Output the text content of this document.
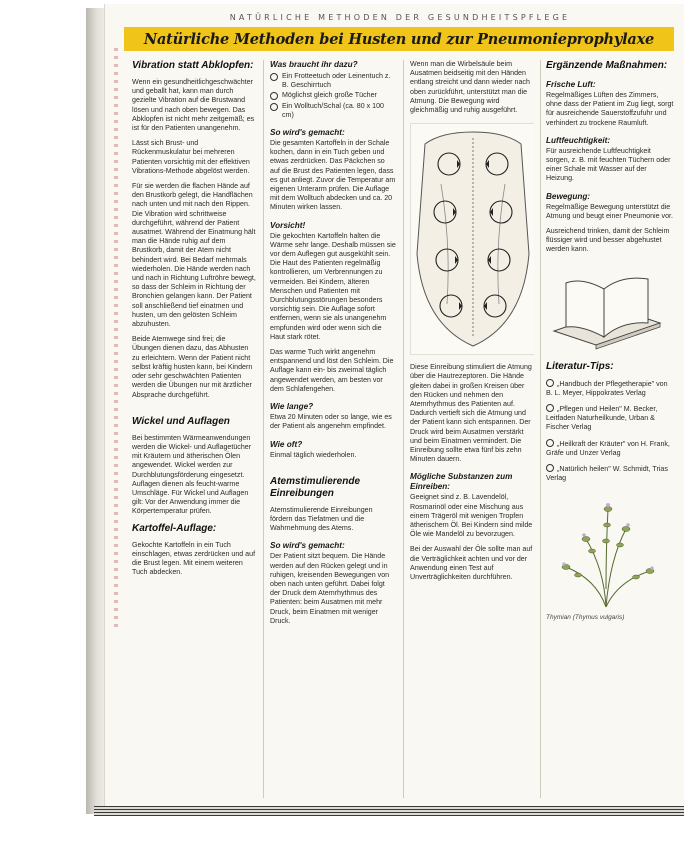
NATÜRLICHE METHODEN DER GESUNDHEITSPFLEGE
Natürliche Methoden bei Husten und zur Pneumonieprophylaxe
Vibration statt Abklopfen:

Wenn ein gesundheitlichgeschwächter und geballt hat, kann man durch gezielte Vibration auf die Brustwand lösen und nach oben bewegen. Das Abklopfen ist nicht mehr zeitgemäß; es ist für den Patienten unangenehm.

Lässt sich Brust- und Rückenmuskulatur bei mehreren Patienten vorsichtig mit der effektiven Vibrations-Methode abgelöst werden.

Für sie werden die flachen Hände auf den Brustkorb gelegt, die Handflächen nach unten und mit nach den Rippen. Die Vibration wird schrittweise durchgeführt, während der Patient ausatmet. Während der Einatmung hält man die Hände ruhig auf dem Brustkorb, damit der Atem nicht behindert wird. Bei Bedarf mehrmals wiederholen. Die Hände werden nach und nach in Richtung Luftröhre bewegt, so dass der Schleim in Richtung der Bronchien gelangen kann. Der Patient soll anschließend tief einatmen und husten, um den gelösten Schleim abzuhusten.

Beide Atemwege sind frei; die Übungen dienen dazu, das Abhusten zu erleichtern. Wenn der Patient nicht selbst kräftig husten kann, bei Kindern oder sehr geschwächten Patienten werden die Übungen nur mit ärztlicher Absprache durchgeführt.

Wickel und Auflagen

Bei bestimmten Wärmeanwendungen werden die Wickel- und Auflagetücher mit Kräutern und ätherischen Ölen angewendet. Wickel werden zur Durchblutungsförderung eingesetzt. Auflagen dienen als feucht-warme Umschläge. Für Wickel und Auflagen gilt: Vor der Anwendung immer die Körpertemperatur prüfen.

Kartoffel-Auflage:

Gekochte Kartoffeln in ein Tuch einschlagen, etwas zerdrücken und auf die Brust legen. Mit einem weiteren Tuch abdecken.

Was braucht ihr dazu?
Ein Frotteetuch oder Leinentuch z. B. Geschirrtuch
Möglichst gleich große Tücher
Ein Wolltuch/Schal (ca. 80 x 100 cm)
So wird's gemacht:

Die gesamten Kartoffeln in der Schale kochen, dann in ein Tuch geben und etwas zerdrücken. Das Päckchen so auf die Brust des Patienten legen, dass es gut anliegt. Zuvor die Temperatur am eigenen Unterarm prüfen. Die Auflage mit dem Wolltuch abdecken und ca. 20 Minuten wirken lassen.

Vorsicht!

Die gekochten Kartoffeln halten die Wärme sehr lange. Deshalb müssen sie vor dem Auflegen gut ausgekühlt sein. Die Haut des Patienten regelmäßig kontrollieren, um Verbrennungen zu vermeiden. Bei Kindern, älteren Menschen und Patienten mit Durchblutungsstörungen besonders vorsichtig sein. Die Auflage sofort entfernen, wenn sie als unangenehm empfunden wird oder wenn sich die Haut stark rötet.

Das warme Tuch wirkt angenehm entspannend und löst den Schleim. Die Auflage kann ein- bis zweimal täglich angewendet werden, am besten vor dem Schlafengehen.

Wie lange?

Etwa 20 Minuten oder so lange, wie es der Patient als angenehm empfindet.

Wie oft?

Einmal täglich wiederholen.

Atemstimulierende Einreibungen

Atemstimulierende Einreibungen fördern das Tiefatmen und die Wahrnehmung des Atems.

So wird's gemacht:

Der Patient sitzt bequem. Die Hände werden auf den Rücken gelegt und in ruhigen, kreisenden Bewegungen von oben nach unten geführt. Dabei folgt der Druck dem Atemrhythmus des Patienten: beim Ausatmen mit mehr Druck, beim Einatmen mit weniger Druck.

Wenn man die Wirbelsäule beim Ausatmen beidseitig mit den Händen entlang streicht und dann wieder nach oben zurückführt, unterstützt man die Atmung. Die Bewegung wird gleichmäßig und ruhig ausgeführt.

Diese Einreibung stimuliert die Atmung über die Hautrezeptoren. Die Hände gleiten dabei in großen Kreisen über den Rücken und nehmen den Atemrhythmus des Patienten auf. Dadurch vertieft sich die Atmung und der Patient kann sich entspannen. Der Druck wird beim Ausatmen verstärkt und beim Einatmen vermindert. Die Einreibung sollte etwa fünf bis zehn Minuten dauern.

Mögliche Substanzen zum Einreiben:

Geeignet sind z. B. Lavendelöl, Rosmarinöl oder eine Mischung aus einem Trägeröl mit wenigen Tropfen ätherischem Öl. Bei Kindern sind milde Öle wie Mandelöl zu bevorzugen.

Bei der Auswahl der Öle sollte man auf die Verträglichkeit achten und vor der Anwendung einen Test auf Unverträglichkeiten durchführen.

Ergänzende Maßnahmen:
Frische Luft:

Regelmäßiges Lüften des Zimmers, ohne dass der Patient im Zug liegt, sorgt für ausreichende Sauerstoffzufuhr und verhindert zu trockene Raumluft.

Luftfeuchtigkeit:

Für ausreichende Luftfeuchtigkeit sorgen, z. B. mit feuchten Tüchern oder einer Schale mit Wasser auf der Heizung.

Bewegung:

Regelmäßige Bewegung unterstützt die Atmung und beugt einer Pneumonie vor.

Ausreichend trinken, damit der Schleim flüssiger wird und besser abgehustet werden kann.

Literatur-Tips:

„Handbuch der Pflegetherapie" von B. L. Meyer, Hippokrates Verlag

„Pflegen und Heilen" M. Becker, Leitfaden Naturheilkunde, Urban & Fischer Verlag

„Heilkraft der Kräuter" von H. Frank, Gräfe und Unzer Verlag

„Natürlich heilen" W. Schmidt, Trias Verlag

Thymian (Thymus vulgaris)
